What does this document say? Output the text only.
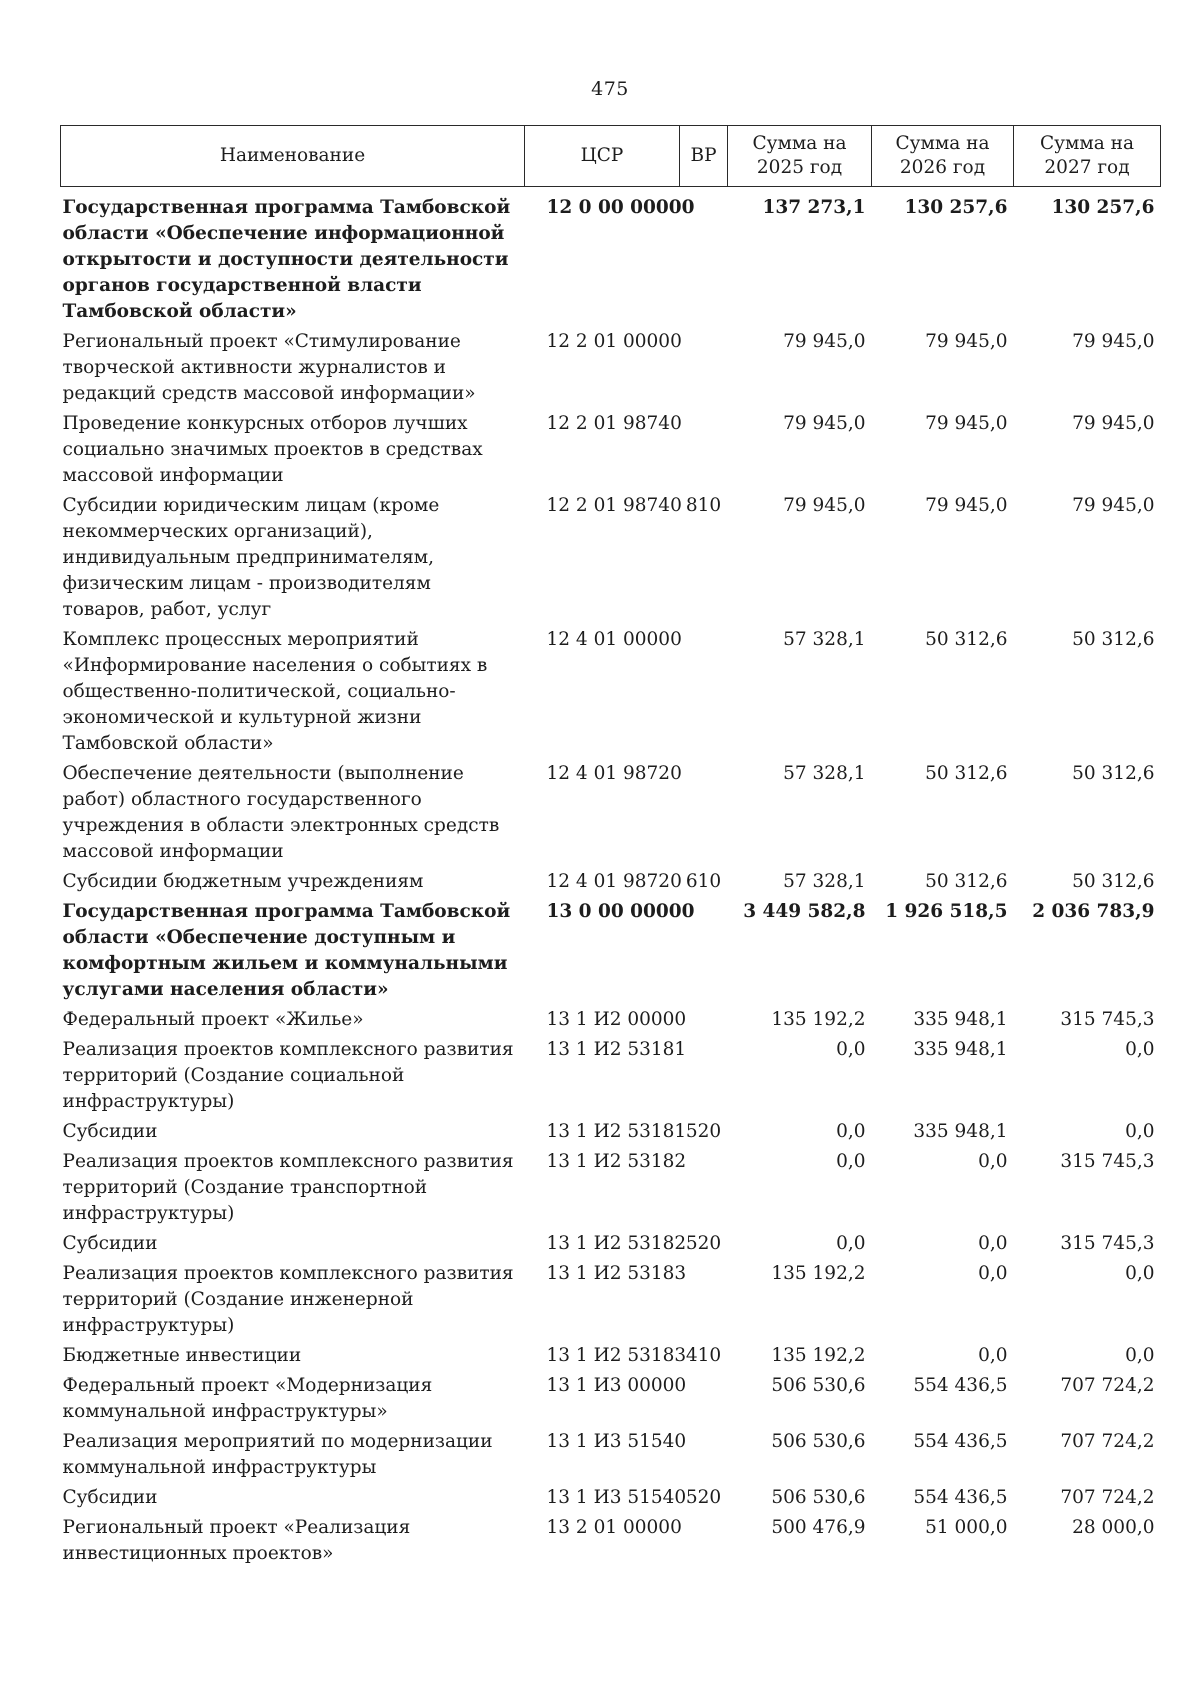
475
Наименование	ЦСР	ВР	Сумма на 2025 год	Сумма на 2026 год	Сумма на 2027 год
Государственная программа Тамбовской области «Обеспечение информационной открытости и доступности деятельности органов государственной власти Тамбовской области»	12 0 00 00000		137 273,1	130 257,6	130 257,6
Региональный проект «Стимулирование творческой активности журналистов и редакций средств массовой информации»	12 2 01 00000		79 945,0	79 945,0	79 945,0
Проведение конкурсных отборов лучших социально значимых проектов в средствах массовой информации	12 2 01 98740		79 945,0	79 945,0	79 945,0
Субсидии юридическим лицам (кроме некоммерческих организаций), индивидуальным предпринимателям, физическим лицам - производителям товаров, работ, услуг	12 2 01 98740	810	79 945,0	79 945,0	79 945,0
Комплекс процессных мероприятий «Информирование населения о событиях в общественно-политической, социально-экономической и культурной жизни Тамбовской области»	12 4 01 00000		57 328,1	50 312,6	50 312,6
Обеспечение деятельности (выполнение работ) областного государственного учреждения в области электронных средств массовой информации	12 4 01 98720		57 328,1	50 312,6	50 312,6
Субсидии бюджетным учреждениям	12 4 01 98720	610	57 328,1	50 312,6	50 312,6
Государственная программа Тамбовской области «Обеспечение доступным и комфортным жильем и коммунальными услугами населения области»	13 0 00 00000		3 449 582,8	1 926 518,5	2 036 783,9
Федеральный проект «Жилье»	13 1 И2 00000		135 192,2	335 948,1	315 745,3
Реализация проектов комплексного развития территорий (Создание социальной инфраструктуры)	13 1 И2 53181		0,0	335 948,1	0,0
Субсидии	13 1 И2 53181	520	0,0	335 948,1	0,0
Реализация проектов комплексного развития территорий (Создание транспортной инфраструктуры)	13 1 И2 53182		0,0	0,0	315 745,3
Субсидии	13 1 И2 53182	520	0,0	0,0	315 745,3
Реализация проектов комплексного развития территорий (Создание инженерной инфраструктуры)	13 1 И2 53183		135 192,2	0,0	0,0
Бюджетные инвестиции	13 1 И2 53183	410	135 192,2	0,0	0,0
Федеральный проект «Модернизация коммунальной инфраструктуры»	13 1 И3 00000		506 530,6	554 436,5	707 724,2
Реализация мероприятий по модернизации коммунальной инфраструктуры	13 1 И3 51540		506 530,6	554 436,5	707 724,2
Субсидии	13 1 И3 51540	520	506 530,6	554 436,5	707 724,2
Региональный проект «Реализация инвестиционных проектов»	13 2 01 00000		500 476,9	51 000,0	28 000,0
